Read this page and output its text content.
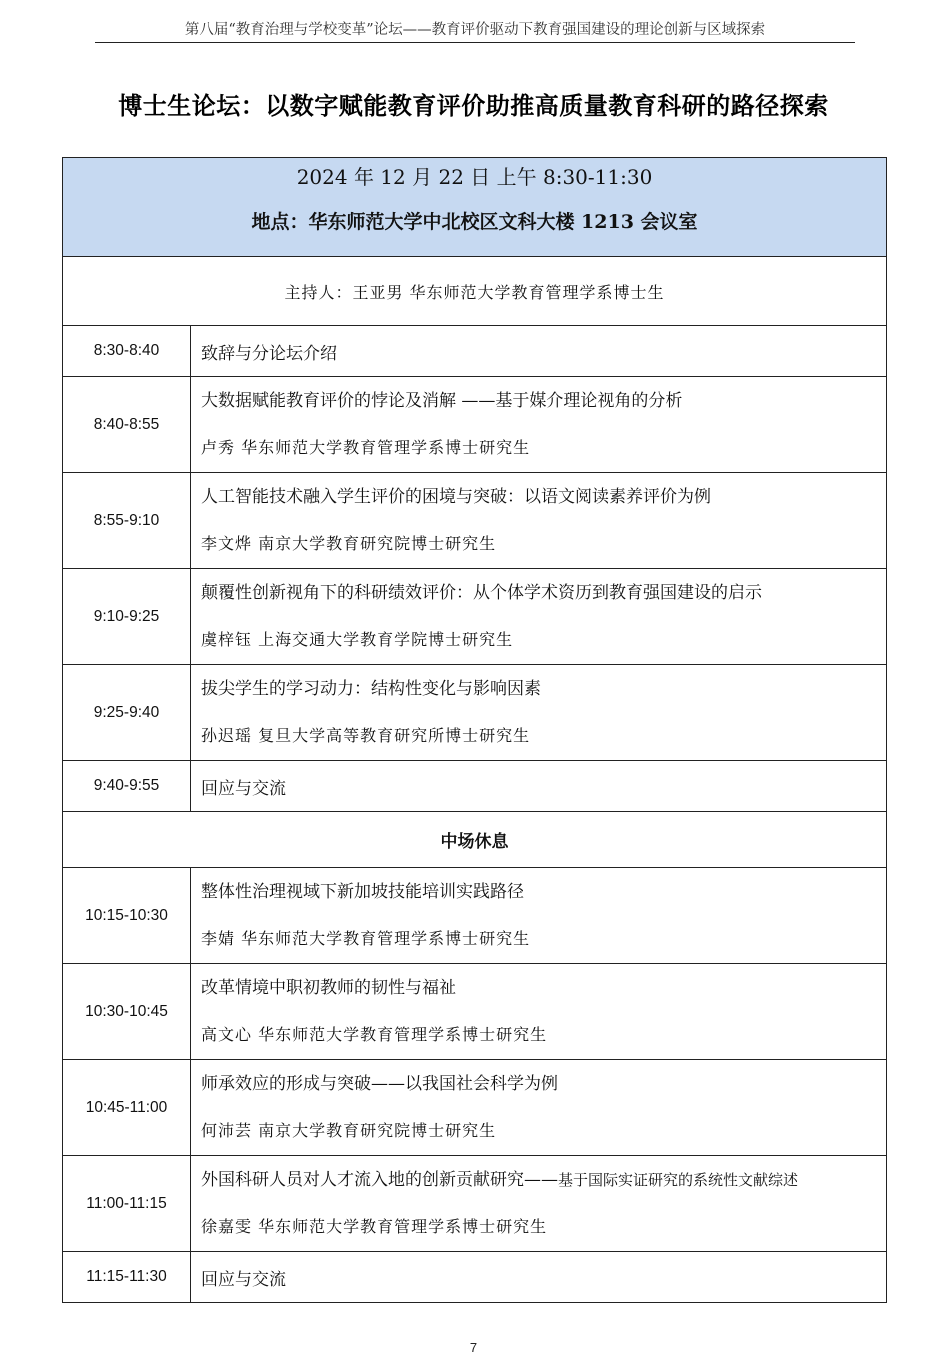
第八届“教育治理与学校变革”论坛——教育评价驱动下教育强国建设的理论创新与区域探索
博士生论坛：以数字赋能教育评价助推高质量教育科研的路径探索
2024 年 12 月 22 日 上午 8:30-11:30
地点：华东师范大学中北校区文科大楼 1213 会议室	

主持人：王亚男 华东师范大学教育管理学系博士生	
8:30-8:40	致辞与分论坛介绍
8:40-8:55	大数据赋能教育评价的悖论及消解 ——基于媒介理论视角的分析
卢秀 华东师范大学教育管理学系博士研究生

8:55-9:10	人工智能技术融入学生评价的困境与突破：以语文阅读素养评价为例
李文烨 南京大学教育研究院博士研究生

9:10-9:25	颠覆性创新视角下的科研绩效评价：从个体学术资历到教育强国建设的启示
虞梓钰 上海交通大学教育学院博士研究生

9:25-9:40	拔尖学生的学习动力：结构性变化与影响因素
孙迟瑶 复旦大学高等教育研究所博士研究生

9:40-9:55	回应与交流
中场休息	
10:15-10:30	整体性治理视域下新加坡技能培训实践路径
李婧 华东师范大学教育管理学系博士研究生

10:30-10:45	改革情境中职初教师的韧性与福祉
高文心 华东师范大学教育管理学系博士研究生

10:45-11:00	师承效应的形成与突破——以我国社会科学为例
何沛芸 南京大学教育研究院博士研究生

11:00-11:15	外国科研人员对人才流入地的创新贡献研究——基于国际实证研究的系统性文献综述
徐嘉雯 华东师范大学教育管理学系博士研究生

11:15-11:30	回应与交流
7
